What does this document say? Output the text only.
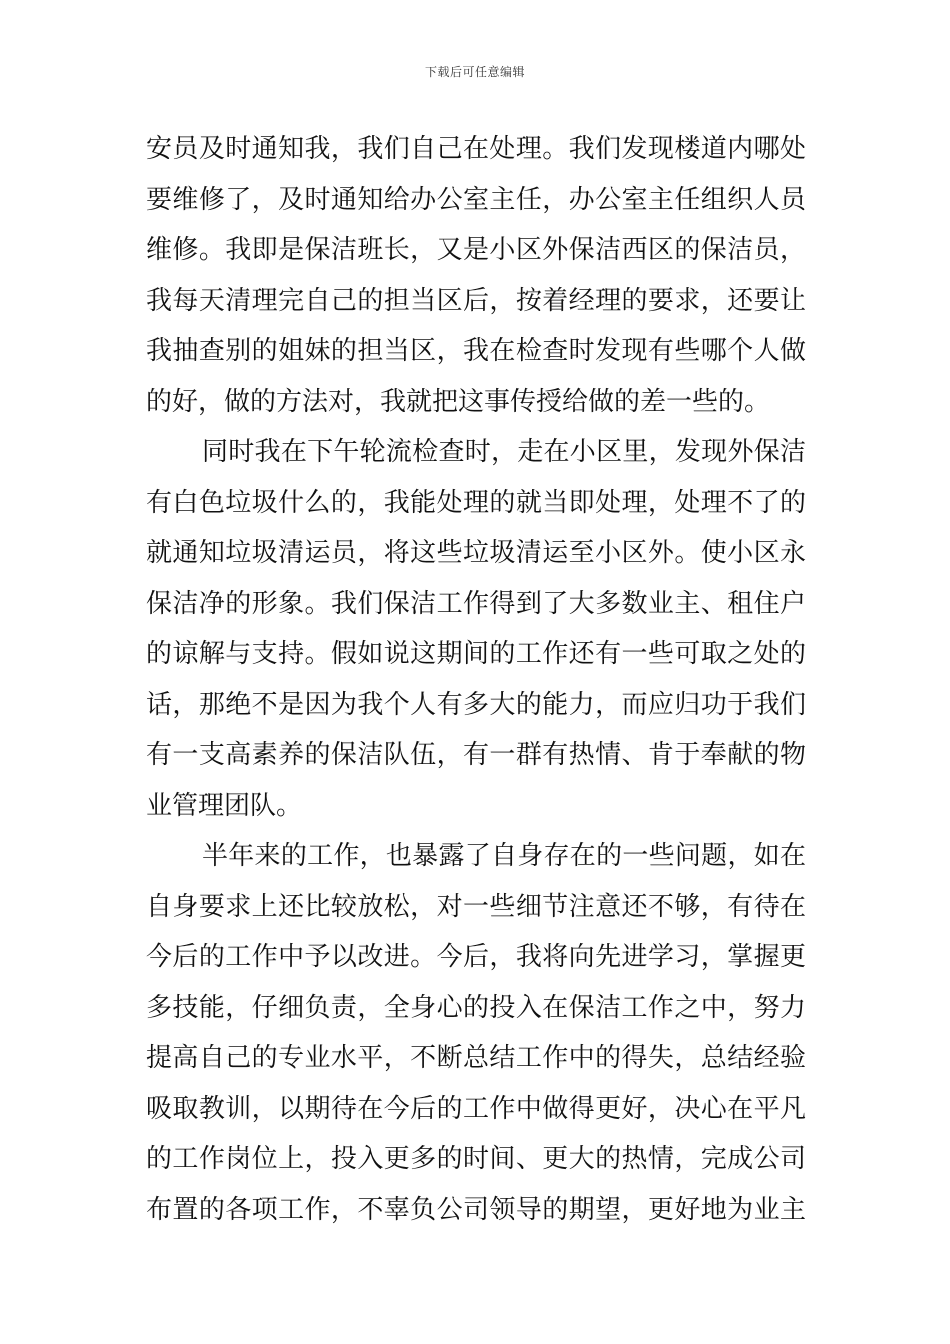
下载后可任意编辑
安员及时通知我，我们自己在处理。我们发现楼道内哪处
要维修了，及时通知给办公室主任，办公室主任组织人员
维修。我即是保洁班长，又是小区外保洁西区的保洁员，
我每天清理完自己的担当区后，按着经理的要求，还要让
我抽查别的姐妹的担当区，我在检查时发现有些哪个人做
的好，做的方法对，我就把这事传授给做的差一些的。
同时我在下午轮流检查时，走在小区里，发现外保洁
有白色垃圾什么的，我能处理的就当即处理，处理不了的
就通知垃圾清运员，将这些垃圾清运至小区外。使小区永
保洁净的形象。我们保洁工作得到了大多数业主、租住户
的谅解与支持。假如说这期间的工作还有一些可取之处的
话，那绝不是因为我个人有多大的能力，而应归功于我们
有一支高素养的保洁队伍，有一群有热情、肯于奉献的物
业管理团队。
半年来的工作，也暴露了自身存在的一些问题，如在
自身要求上还比较放松，对一些细节注意还不够，有待在
今后的工作中予以改进。今后，我将向先进学习，掌握更
多技能，仔细负责，全身心的投入在保洁工作之中，努力
提高自己的专业水平，不断总结工作中的得失，总结经验
吸取教训，以期待在今后的工作中做得更好，决心在平凡
的工作岗位上，投入更多的时间、更大的热情，完成公司
布置的各项工作，不辜负公司领导的期望，更好地为业主
